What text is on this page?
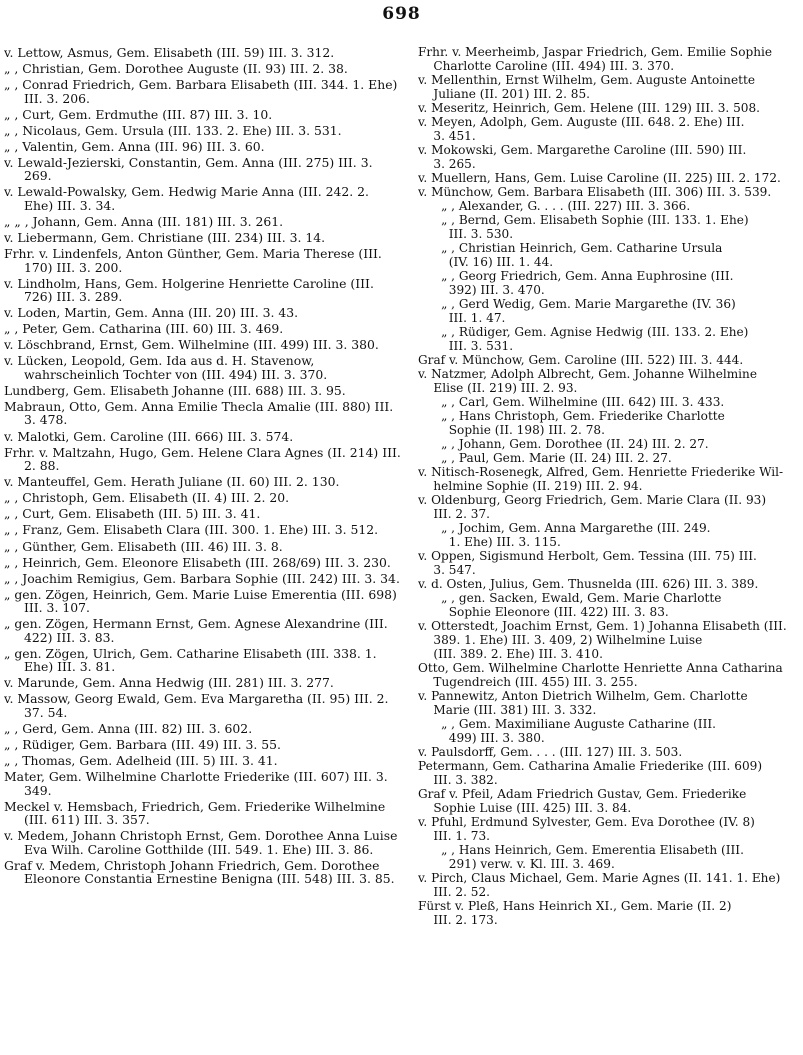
698

v. Lettow, Asmus, Gem. Elisabeth (III. 59) III. 3. 312.

„ , Christian, Gem. Dorothee Auguste (II. 93) III. 2. 38.

„ , Conrad Friedrich, Gem. Barbara Elisabeth (III. 344. 1. Ehe) III. 3. 206.

„ , Curt, Gem. Erdmuthe (III. 87) III. 3. 10.

„ , Nicolaus, Gem. Ursula (III. 133. 2. Ehe) III. 3. 531.

„ , Valentin, Gem. Anna (III. 96) III. 3. 60.

v. Lewald-Jezierski, Constantin, Gem. Anna (III. 275) III. 3. 269.

v. Lewald-Powalsky, Gem. Hedwig Marie Anna (III. 242. 2. Ehe) III. 3. 34.

„ „ , Johann, Gem. Anna (III. 181) III. 3. 261.

v. Liebermann, Gem. Christiane (III. 234) III. 3. 14.

Frhr. v. Lindenfels, Anton Günther, Gem. Maria Therese (III. 170) III. 3. 200.

v. Lindholm, Hans, Gem. Holgerine Henriette Caroline (III. 726) III. 3. 289.

v. Loden, Martin, Gem. Anna (III. 20) III. 3. 43.

„ , Peter, Gem. Catharina (III. 60) III. 3. 469.

v. Löschbrand, Ernst, Gem. Wilhelmine (III. 499) III. 3. 380.

v. Lücken, Leopold, Gem. Ida aus d. H. Stavenow, wahrscheinlich Tochter von (III. 494) III. 3. 370.

Lundberg, Gem. Elisabeth Johanne (III. 688) III. 3. 95.

Mabraun, Otto, Gem. Anna Emilie Thecla Amalie (III. 880) III. 3. 478.

v. Malotki, Gem. Caroline (III. 666) III. 3. 574.

Frhr. v. Maltzahn, Hugo, Gem. Helene Clara Agnes (II. 214) III. 2. 88.

v. Manteuffel, Gem. Herath Juliane (II. 60) III. 2. 130.

„ , Christoph, Gem. Elisabeth (II. 4) III. 2. 20.

„ , Curt, Gem. Elisabeth (III. 5) III. 3. 41.

„ , Franz, Gem. Elisabeth Clara (III. 300. 1. Ehe) III. 3. 512.

„ , Günther, Gem. Elisabeth (III. 46) III. 3. 8.

„ , Heinrich, Gem. Eleonore Elisabeth (III. 268/69) III. 3. 230.

„ , Joachim Remigius, Gem. Barbara Sophie (III. 242) III. 3. 34.

„ gen. Zögen, Heinrich, Gem. Marie Luise Emerentia (III. 698) III. 3. 107.

„ gen. Zögen, Hermann Ernst, Gem. Agnese Alexandrine (III. 422) III. 3. 83.

„ gen. Zögen, Ulrich, Gem. Catharine Elisabeth (III. 338. 1. Ehe) III. 3. 81.

v. Marunde, Gem. Anna Hedwig (III. 281) III. 3. 277.

v. Massow, Georg Ewald, Gem. Eva Margaretha (II. 95) III. 2. 37. 54.

„ , Gerd, Gem. Anna (III. 82) III. 3. 602.

„ , Rüdiger, Gem. Barbara (III. 49) III. 3. 55.

„ , Thomas, Gem. Adelheid (III. 5) III. 3. 41.

Mater, Gem. Wilhelmine Charlotte Friederike (III. 607) III. 3. 349.

Meckel v. Hemsbach, Friedrich, Gem. Friederike Wilhelmine (III. 611) III. 3. 357.

v. Medem, Johann Christoph Ernst, Gem. Dorothee Anna Luise Eva Wilh. Caroline Gotthilde (III. 549. 1. Ehe) III. 3. 86.

Graf v. Medem, Christoph Johann Friedrich, Gem. Dorothee Eleonore Constantia Ernestine Benigna (III. 548) III. 3. 85.

Frhr. v. Meerheimb, Jaspar Friedrich, Gem. Emilie Sophie

Charlotte Caroline (III. 494) III. 3. 370.

v. Mellenthin, Ernst Wilhelm, Gem. Auguste Antoinette

Juliane (II. 201) III. 2. 85.

v. Meseritz, Heinrich, Gem. Helene (III. 129) III. 3. 508.

v. Meyen, Adolph, Gem. Auguste (III. 648. 2. Ehe) III.

3. 451.

v. Mokowski, Gem. Margarethe Caroline (III. 590) III.

3. 265.

v. Muellern, Hans, Gem. Luise Caroline (II. 225) III. 2. 172.

v. Münchow, Gem. Barbara Elisabeth (III. 306) III. 3. 539.

„ , Alexander, G. . . . (III. 227) III. 3. 366.

„ , Bernd, Gem. Elisabeth Sophie (III. 133. 1. Ehe)

III. 3. 530.

„ , Christian Heinrich, Gem. Catharine Ursula

(IV. 16) III. 1. 44.

„ , Georg Friedrich, Gem. Anna Euphrosine (III.

392) III. 3. 470.

„ , Gerd Wedig, Gem. Marie Margarethe (IV. 36)

III. 1. 47.

„ , Rüdiger, Gem. Agnise Hedwig (III. 133. 2. Ehe)

III. 3. 531.

Graf v. Münchow, Gem. Caroline (III. 522) III. 3. 444.

v. Natzmer, Adolph Albrecht, Gem. Johanne Wilhelmine

Elise (II. 219) III. 2. 93.

„ , Carl, Gem. Wilhelmine (III. 642) III. 3. 433.

„ , Hans Christoph, Gem. Friederike Charlotte

Sophie (II. 198) III. 2. 78.

„ , Johann, Gem. Dorothee (II. 24) III. 2. 27.

„ , Paul, Gem. Marie (II. 24) III. 2. 27.

v. Nitisch-Rosenegk, Alfred, Gem. Henriette Friederike Wil-

helmine Sophie (II. 219) III. 2. 94.

v. Oldenburg, Georg Friedrich, Gem. Marie Clara (II. 93)

III. 2. 37.

„ , Jochim, Gem. Anna Margarethe (III. 249.

1. Ehe) III. 3. 115.

v. Oppen, Sigismund Herbolt, Gem. Tessina (III. 75) III.

3. 547.

v. d. Osten, Julius, Gem. Thusnelda (III. 626) III. 3. 389.

„ , gen. Sacken, Ewald, Gem. Marie Charlotte

Sophie Eleonore (III. 422) III. 3. 83.

v. Otterstedt, Joachim Ernst, Gem. 1) Johanna Elisabeth (III.

389. 1. Ehe) III. 3. 409, 2) Wilhelmine Luise

(III. 389. 2. Ehe) III. 3. 410.

Otto, Gem. Wilhelmine Charlotte Henriette Anna Catharina

Tugendreich (III. 455) III. 3. 255.

v. Pannewitz, Anton Dietrich Wilhelm, Gem. Charlotte

Marie (III. 381) III. 3. 332.

„ , Gem. Maximiliane Auguste Catharine (III.

499) III. 3. 380.

v. Paulsdorff, Gem. . . . (III. 127) III. 3. 503.

Petermann, Gem. Catharina Amalie Friederike (III. 609)

III. 3. 382.

Graf v. Pfeil, Adam Friedrich Gustav, Gem. Friederike

Sophie Luise (III. 425) III. 3. 84.

v. Pfuhl, Erdmund Sylvester, Gem. Eva Dorothee (IV. 8)

III. 1. 73.

„ , Hans Heinrich, Gem. Emerentia Elisabeth (III.

291) verw. v. Kl. III. 3. 469.

v. Pirch, Claus Michael, Gem. Marie Agnes (II. 141. 1. Ehe)

III. 2. 52.

Fürst v. Pleß, Hans Heinrich XI., Gem. Marie (II. 2)

III. 2. 173.
